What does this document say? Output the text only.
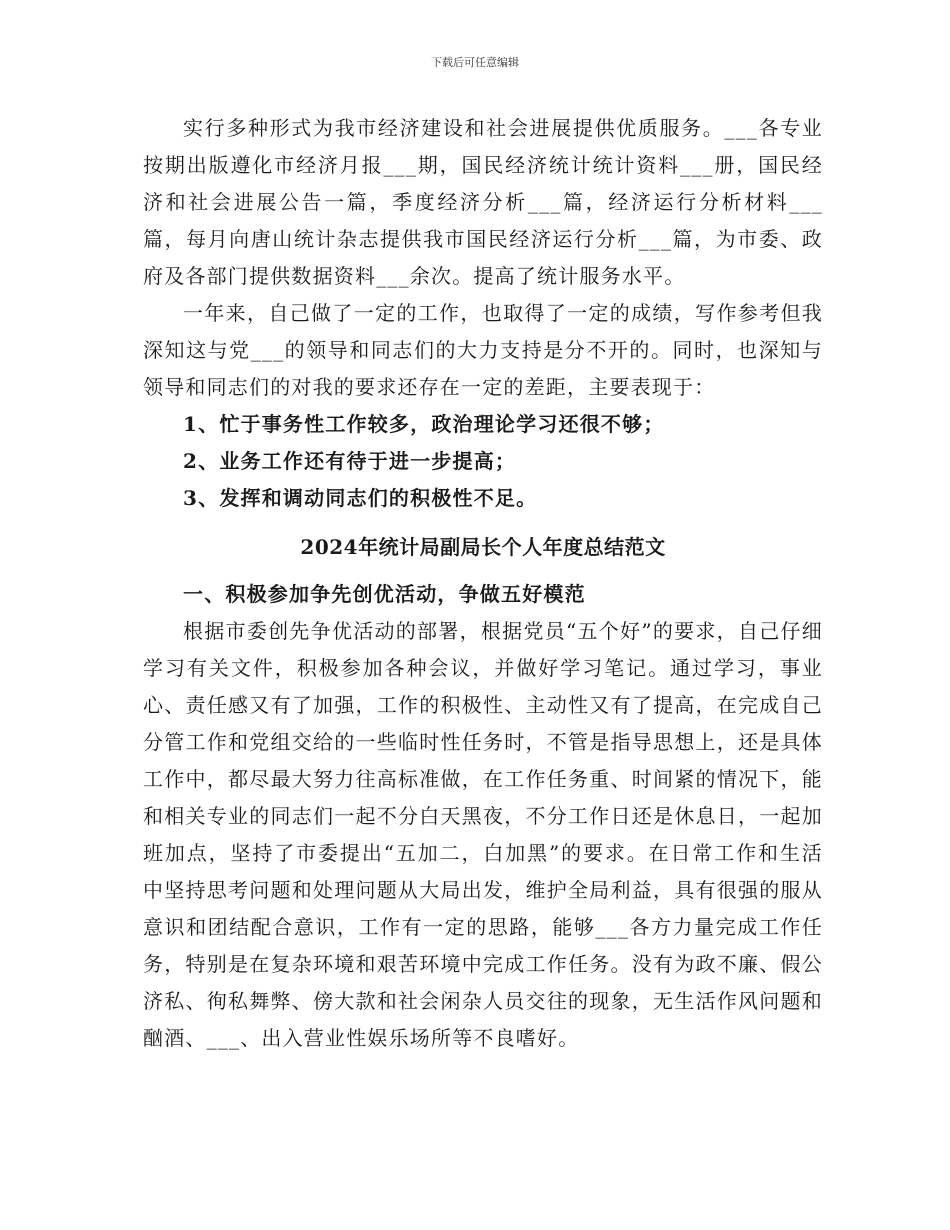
下载后可任意编辑

实行多种形式为我市经济建设和社会进展提供优质服务。___各专业按期出版遵化市经济月报___期，国民经济统计统计资料___册，国民经济和社会进展公告一篇，季度经济分析___篇，经济运行分析材料___篇，每月向唐山统计杂志提供我市国民经济运行分析___篇，为市委、政府及各部门提供数据资料___余次。提高了统计服务水平。

一年来，自己做了一定的工作，也取得了一定的成绩，写作参考但我深知这与党___的领导和同志们的大力支持是分不开的。同时，也深知与领导和同志们的对我的要求还存在一定的差距，主要表现于：

1、忙于事务性工作较多，政治理论学习还很不够；

2、业务工作还有待于进一步提高；

3、发挥和调动同志们的积极性不足。

2024年统计局副局长个人年度总结范文

一、积极参加争先创优活动，争做五好模范

根据市委创先争优活动的部署，根据党员“五个好”的要求，自己仔细学习有关文件，积极参加各种会议，并做好学习笔记。通过学习，事业心、责任感又有了加强，工作的积极性、主动性又有了提高，在完成自己分管工作和党组交给的一些临时性任务时，不管是指导思想上，还是具体工作中，都尽最大努力往高标准做，在工作任务重、时间紧的情况下，能和相关专业的同志们一起不分白天黑夜，不分工作日还是休息日，一起加班加点，坚持了市委提出“五加二，白加黑”的要求。在日常工作和生活中坚持思考问题和处理问题从大局出发，维护全局利益，具有很强的服从意识和团结配合意识，工作有一定的思路，能够___各方力量完成工作任务，特别是在复杂环境和艰苦环境中完成工作任务。没有为政不廉、假公济私、徇私舞弊、傍大款和社会闲杂人员交往的现象，无生活作风问题和酗酒、___、出入营业性娱乐场所等不良嗜好。
